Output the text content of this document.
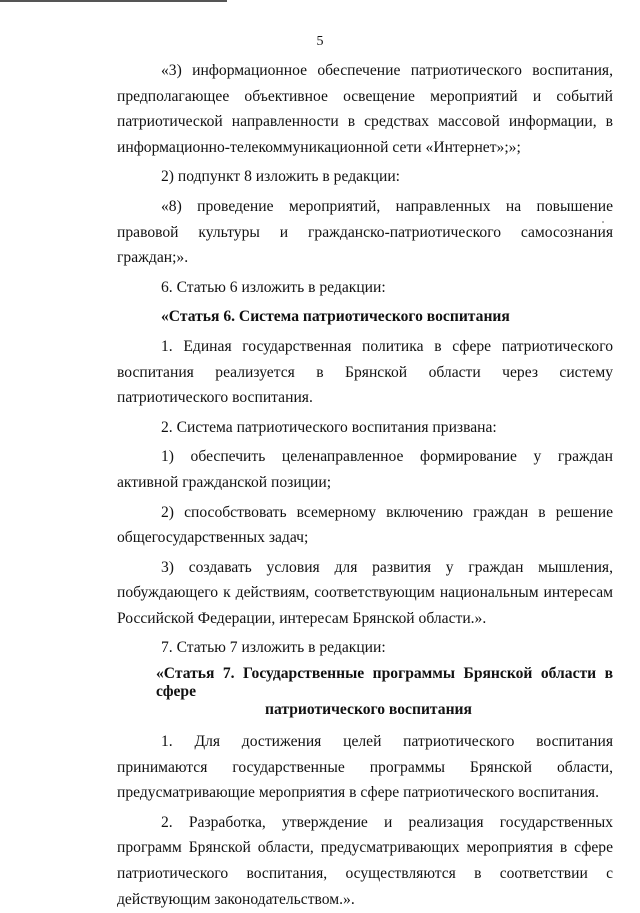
5

«3) информационное обеспечение патриотического воспитания, предполагающее объективное освещение мероприятий и событий патриотической направленности в средствах массовой информации, в информационно-телекоммуникационной сети «Интернет»;»;

2) подпункт 8 изложить в редакции:

«8) проведение мероприятий, направленных на повышение правовой культуры и гражданско-патриотического самосознания граждан;».

6. Статью 6 изложить в редакции:

«Статья 6. Система патриотического воспитания

1. Единая государственная политика в сфере патриотического воспитания реализуется в Брянской области через систему патриотического воспитания.

2. Система патриотического воспитания призвана:

1) обеспечить целенаправленное формирование у граждан активной гражданской позиции;

2) способствовать всемерному включению граждан в решение общегосударственных задач;

3) создавать условия для развития у граждан мышления, побуждающего к действиям, соответствующим национальным интересам Российской Федерации, интересам Брянской области.».

7. Статью 7 изложить в редакции:

«Статья 7. Государственные программы Брянской области в сфере
патриотического воспитания

1. Для достижения целей патриотического воспитания принимаются государственные программы Брянской области, предусматривающие мероприятия в сфере патриотического воспитания.

2. Разработка, утверждение и реализация государственных программ Брянской области, предусматривающих мероприятия в сфере патриотического воспитания, осуществляются в соответствии с действующим законодательством.».
